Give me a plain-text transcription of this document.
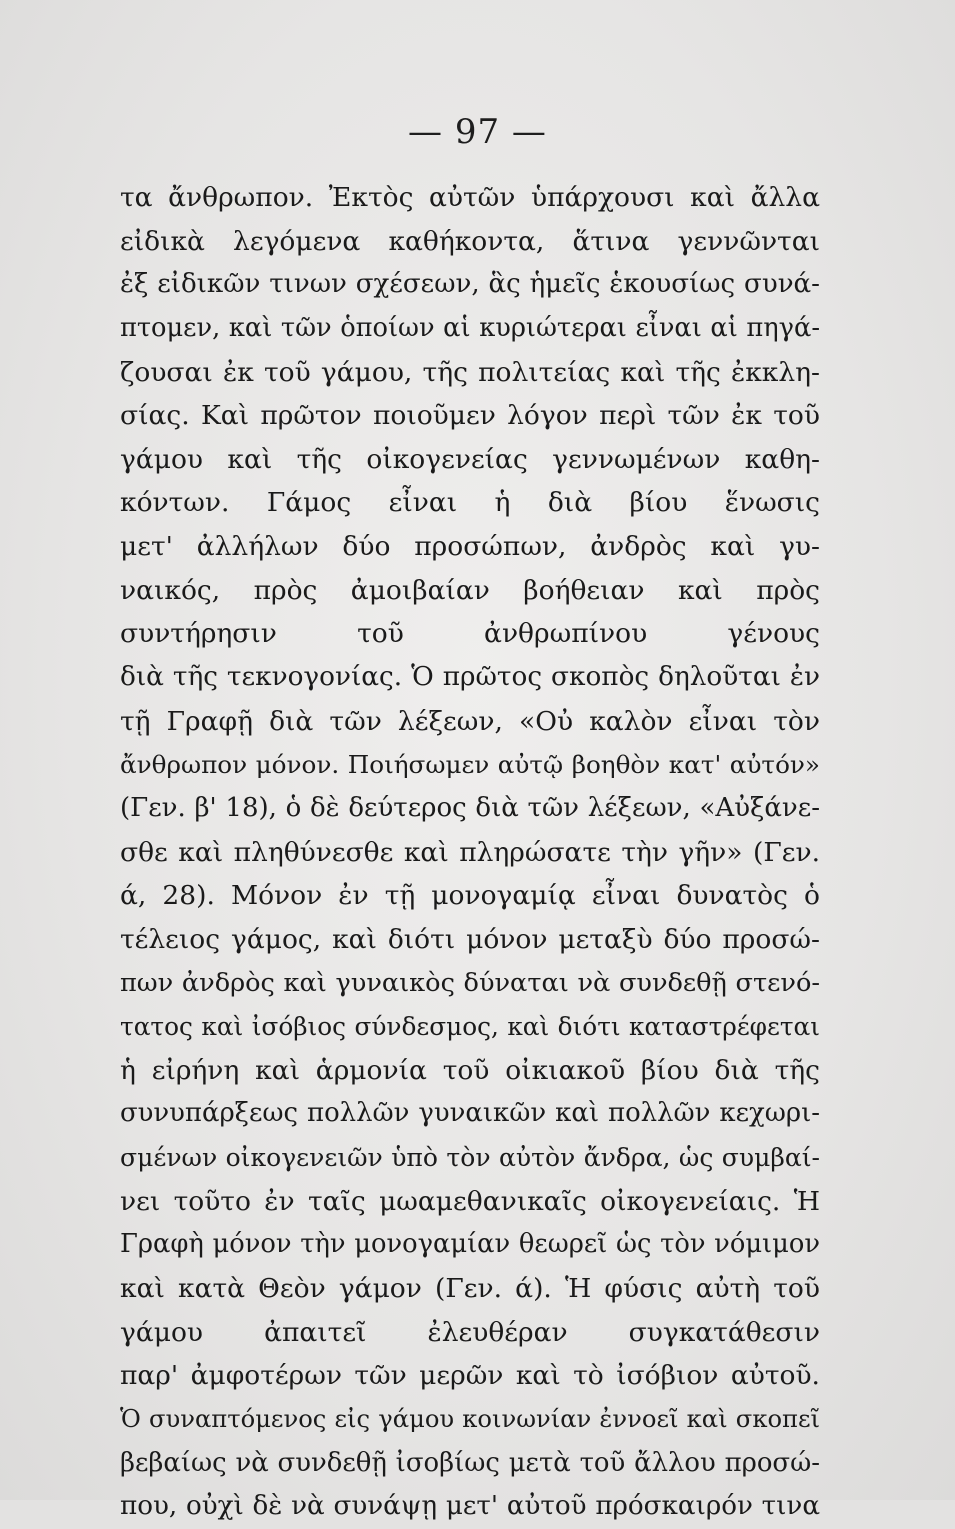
— 97 —
τα ἄνθρωπον. Ἐκτὸς αὐτῶν ὑπάρχουσι καὶ ἄλλα
εἰδικὰ λεγόμενα καθήκοντα, ἅτινα γεννῶνται
ἐξ εἰδικῶν τινων σχέσεων, ἃς ἡμεῖς ἑκουσίως συνά-
πτομεν, καὶ τῶν ὁποίων αἱ κυριώτεραι εἶναι αἱ πηγά-
ζουσαι ἐκ τοῦ γάμου, τῆς πολιτείας καὶ τῆς ἐκκλη-
σίας. Καὶ πρῶτον ποιοῦμεν λόγον περὶ τῶν ἐκ τοῦ
γάμου καὶ τῆς οἰκογενείας γεννωμένων καθη-
κόντων. Γάμος εἶναι ἡ διὰ βίου ἕνωσις
μετ' ἀλλήλων δύο προσώπων, ἀνδρὸς καὶ γυ-
ναικός, πρὸς ἀμοιβαίαν βοήθειαν καὶ πρὸς
συντήρησιν τοῦ ἀνθρωπίνου γένους
διὰ τῆς τεκνογονίας. Ὁ πρῶτος σκοπὸς δηλοῦται ἐν
τῇ Γραφῇ διὰ τῶν λέξεων, «Οὐ καλὸν εἶναι τὸν
ἄνθρωπον μόνον. Ποιήσωμεν αὐτῷ βοηθὸν κατ' αὐτόν»
(Γεν. β' 18), ὁ δὲ δεύτερος διὰ τῶν λέξεων, «Αὐξάνε-
σθε καὶ πληθύνεσθε καὶ πληρώσατε τὴν γῆν» (Γεν.
ά, 28). Μόνον ἐν τῇ μονογαμίᾳ εἶναι δυνατὸς ὁ
τέλειος γάμος, καὶ διότι μόνον μεταξὺ δύο προσώ-
πων ἀνδρὸς καὶ γυναικὸς δύναται νὰ συνδεθῇ στενό-
τατος καὶ ἰσόβιος σύνδεσμος, καὶ διότι καταστρέφεται
ἡ εἰρήνη καὶ ἁρμονία τοῦ οἰκιακοῦ βίου διὰ τῆς
συνυπάρξεως πολλῶν γυναικῶν καὶ πολλῶν κεχωρι-
σμένων οἰκογενειῶν ὑπὸ τὸν αὐτὸν ἄνδρα, ὡς συμβαί-
νει τοῦτο ἐν ταῖς μωαμεθανικαῖς οἰκογενείαις. Ἡ
Γραφὴ μόνον τὴν μονογαμίαν θεωρεῖ ὡς τὸν νόμιμον
καὶ κατὰ Θεὸν γάμον (Γεν. ά). Ἡ φύσις αὐτὴ τοῦ
γάμου ἀπαιτεῖ ἐλευθέραν συγκατάθεσιν
παρ' ἀμφοτέρων τῶν μερῶν καὶ τὸ ἰσόβιον αὐτοῦ.
Ὁ συναπτόμενος εἰς γάμου κοινωνίαν ἐννοεῖ καὶ σκοπεῖ
βεβαίως νὰ συνδεθῇ ἰσοβίως μετὰ τοῦ ἄλλου προσώ-
που, οὐχὶ δὲ νὰ συνάψῃ μετ' αὐτοῦ πρόσκαιρόν τινα
